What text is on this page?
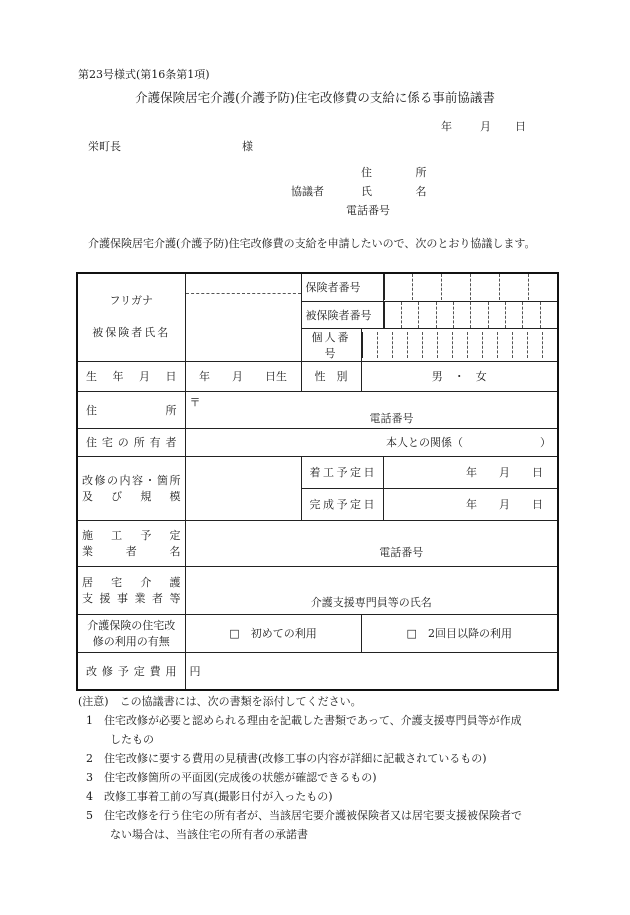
第23号様式(第16条第1項)
介護保険居宅介護(介護予防)住宅改修費の支給に係る事前協議書
年	月 日
栄町長	様
住 所
協議者	氏 名
電話番号
介護保険居宅介護(介護予防)住宅改修費の支給を申請したいので、次のとおり協議します。
フリガナ
被保険者氏名		保険者番号		

		被保険者番号		

		個人番号		

生年月日	年　　月　　日生	性　別	男　・　女	
住所	〒
電話番号			

住宅の所有者	本人との関係（　　　　　　　）			

改修の内容・箇所
及び規模		着工予定日		年　　月　　日
		完成予定日		年　　月　　日

施工予定
業者名	電話番号			

居宅介護
支援事業者等	介護支援専門員等の氏名			

介護保険の住宅改
修の利用の有無	□　初めての利用		□　2回目以降の利用	
改修予定費用	円			
(注意)　この協議書には、次の書類を添付してください。
1 住宅改修が必要と認められる理由を記載した書類であって、介護支援専門員等が作成
したもの
2 住宅改修に要する費用の見積書(改修工事の内容が詳細に記載されているもの)
3 住宅改修箇所の平面図(完成後の状態が確認できるもの)
4 改修工事着工前の写真(撮影日付が入ったもの)
5 住宅改修を行う住宅の所有者が、当該居宅要介護被保険者又は居宅要支援被保険者で
ない場合は、当該住宅の所有者の承諾書
